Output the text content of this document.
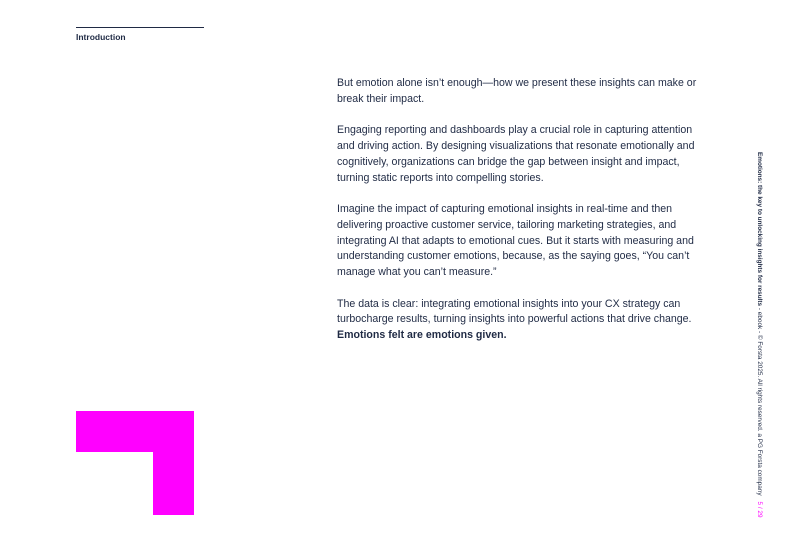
Introduction

But emotion alone isn’t enough—how we present these insights can make or break their impact.

Engaging reporting and dashboards play a crucial role in capturing attention and driving action. By designing visualizations that resonate emotionally and cognitively, organizations can bridge the gap between insight and impact, turning static reports into compelling stories.

Imagine the impact of capturing emotional insights in real-time and then delivering proactive customer service, tailoring marketing strategies, and integrating AI that adapts to emotional cues. But it starts with measuring and understanding customer emotions, because, as the saying goes, “You can’t manage what you can’t measure.”

The data is clear: integrating emotional insights into your CX strategy can turbocharge results, turning insights into powerful actions that drive change. Emotions felt are emotions given.

Emotions: the key to unlocking insights for results - ebook - © Forsta 2025. All rights reserved. a PG Forsta company5 / 29
